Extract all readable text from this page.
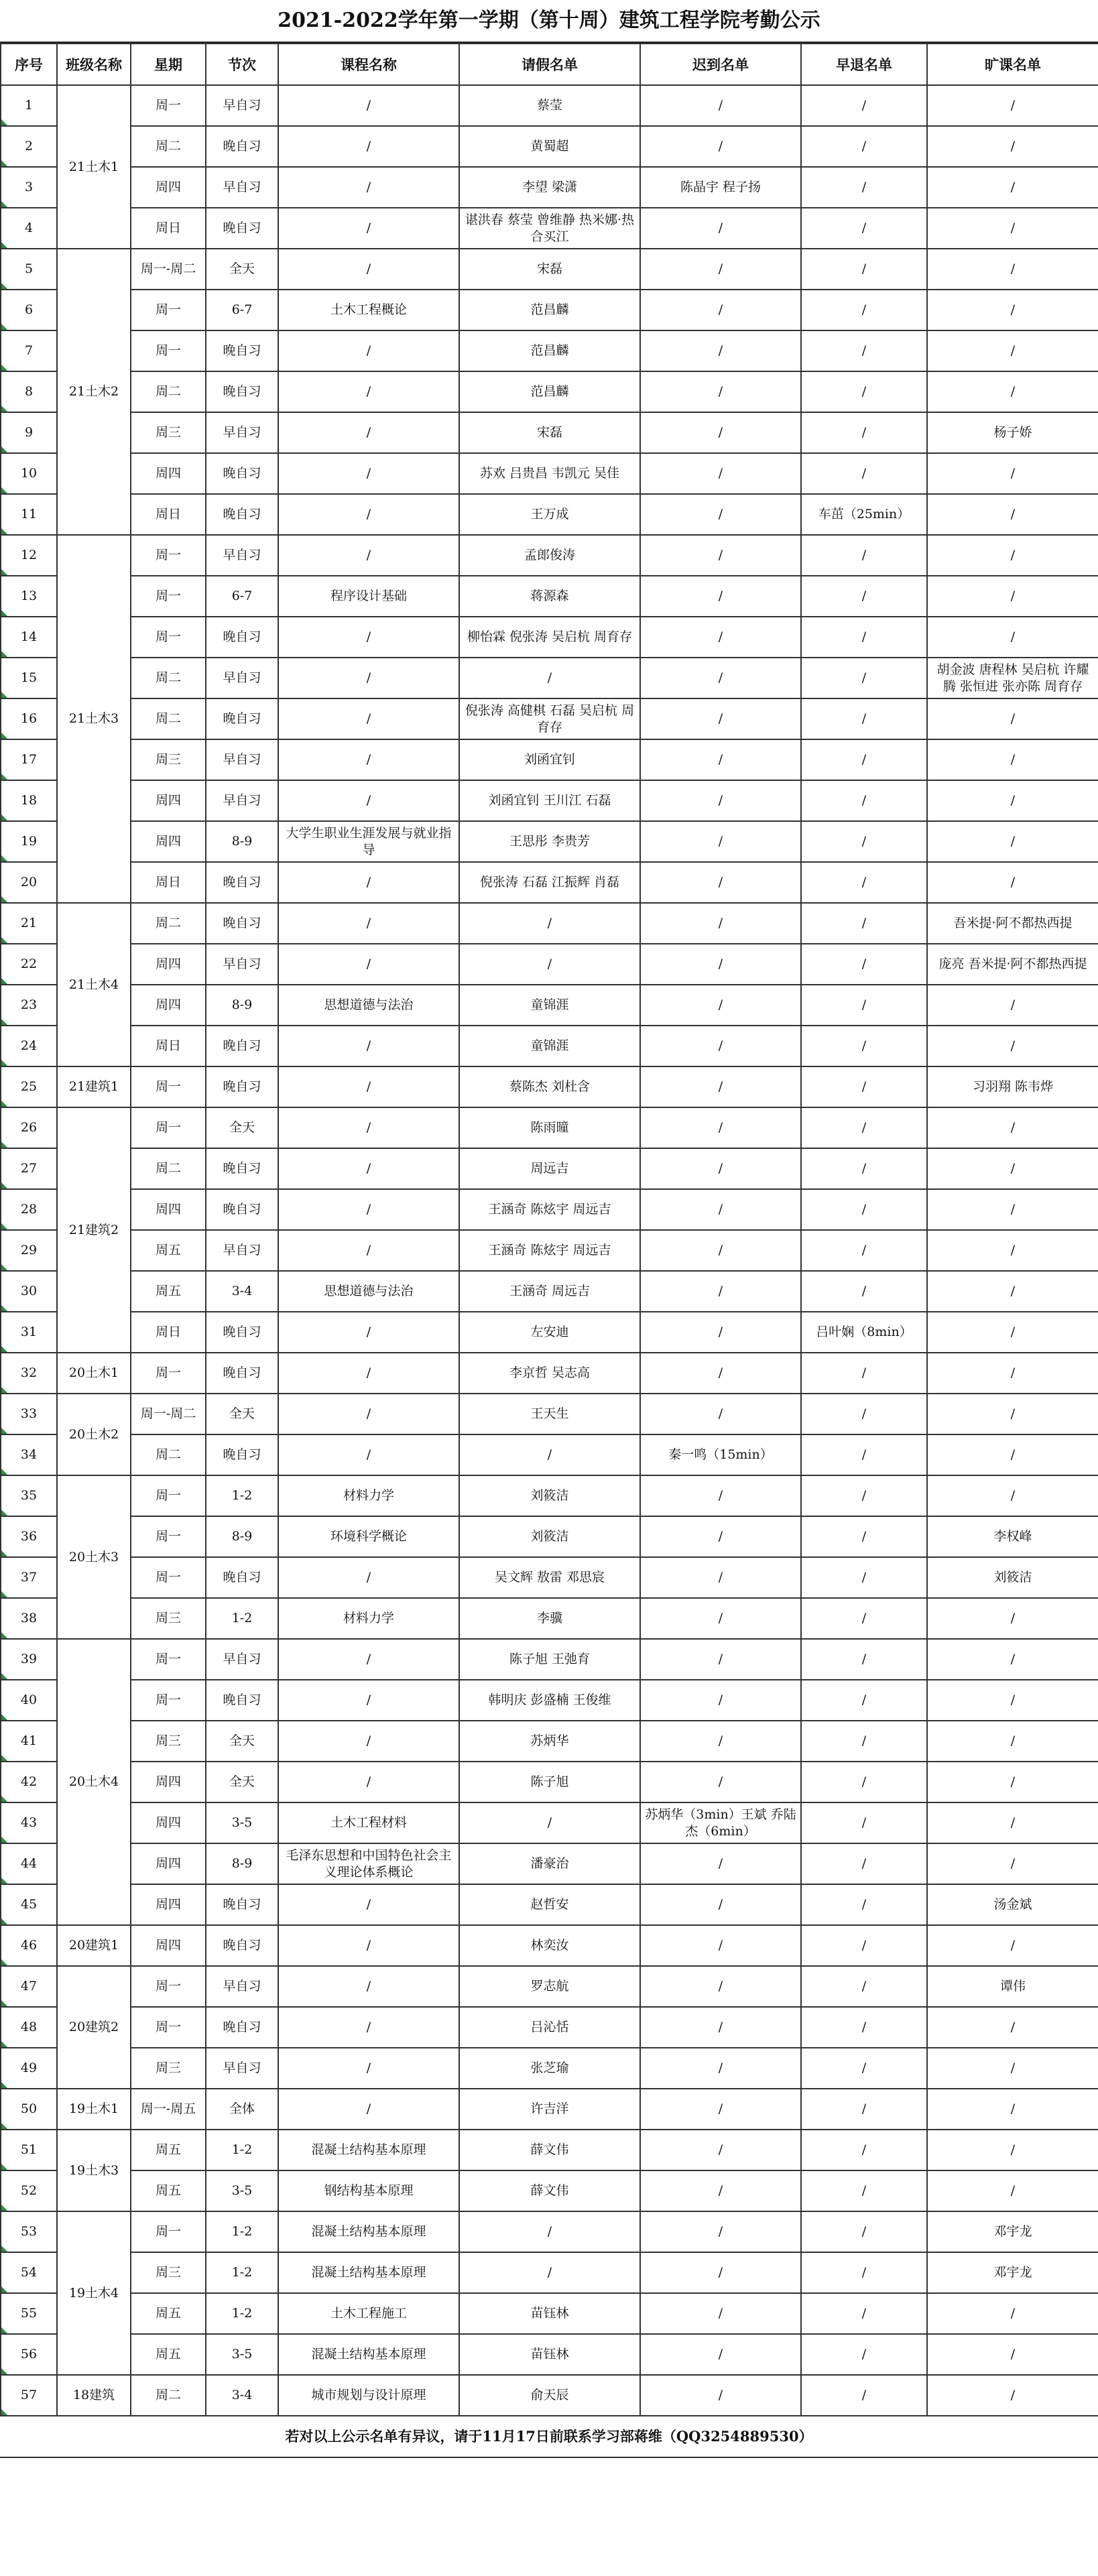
2021-2022学年第一学期（第十周）建筑工程学院考勤公示
序号	班级名称	星期	节次	课程名称	请假名单	迟到名单	早退名单	旷课名单
1	21土木1	周一	早自习	/	蔡莹	/	/	/
2		周二	晚自习	/	黄蜀超	/	/	/
3		周四	早自习	/	李望 梁潇	陈晶宇 程子扬	/	/
4		周日	晚自习	/	谌洪春 蔡莹 曾维静 热米娜·热合买江	/	/	/
5	21土木2	周一-周二	全天	/	宋磊	/	/	/
6		周一	6-7	土木工程概论	范昌麟	/	/	/
7		周一	晚自习	/	范昌麟	/	/	/
8		周二	晚自习	/	范昌麟	/	/	/
9		周三	早自习	/	宋磊	/	/	杨子娇
10		周四	晚自习	/	苏欢 吕贵昌 韦凯元 吴佳	/	/	/
11		周日	晚自习	/	王万成	/	车茁（25min）	/
12	21土木3	周一	早自习	/	孟郎俊涛	/	/	/
13		周一	6-7	程序设计基础	蒋源森	/	/	/
14		周一	晚自习	/	柳怡霖 倪张涛 吴启杭 周育存	/	/	/
15		周二	早自习	/	/	/	/	胡金波 唐程林 吴启杭 许耀腾 张恒进 张亦陈 周育存
16		周二	晚自习	/	倪张涛 高健棋 石磊 吴启杭 周育存	/	/	/
17		周三	早自习	/	刘函宜钊	/	/	/
18		周四	早自习	/	刘函宜钊 王川江 石磊	/	/	/
19		周四	8-9	大学生职业生涯发展与就业指导	王思彤 李贵芳	/	/	/
20		周日	晚自习	/	倪张涛 石磊 江振辉 肖磊	/	/	/
21	21土木4	周二	晚自习	/	/	/	/	吾米提·阿不都热西提
22		周四	早自习	/	/	/	/	庞亮 吾米提·阿不都热西提
23		周四	8-9	思想道德与法治	童锦涯	/	/	/
24		周日	晚自习	/	童锦涯	/	/	/
25	21建筑1	周一	晚自习	/	蔡陈杰 刘杜含	/	/	习羽翔 陈韦烨
26	21建筑2	周一	全天	/	陈雨曈	/	/	/
27		周二	晚自习	/	周远吉	/	/	/
28		周四	晚自习	/	王涵奇 陈炫宇 周远吉	/	/	/
29		周五	早自习	/	王涵奇 陈炫宇 周远吉	/	/	/
30		周五	3-4	思想道德与法治	王涵奇 周远吉	/	/	/
31		周日	晚自习	/	左安迪	/	吕叶娴（8min）	/
32	20土木1	周一	晚自习	/	李京哲 吴志高	/	/	/
33	20土木2	周一-周二	全天	/	王天生	/	/	/
34		周二	晚自习	/	/	秦一鸣（15min）	/	/
35	20土木3	周一	1-2	材料力学	刘筱洁	/	/	/
36		周一	8-9	环境科学概论	刘筱洁	/	/	李权峰
37		周一	晚自习	/	吴文辉 敖雷 邓思宸	/	/	刘筱洁
38		周三	1-2	材料力学	李骥	/	/	/
39	20土木4	周一	早自习	/	陈子旭 王弛育	/	/	/
40		周一	晚自习	/	韩明庆 彭盛楠 王俊维	/	/	/
41		周三	全天	/	苏炳华	/	/	/
42		周四	全天	/	陈子旭	/	/	/
43		周四	3-5	土木工程材料	/	苏炳华（3min）王斌 乔陆杰（6min）	/	/
44		周四	8-9	毛泽东思想和中国特色社会主义理论体系概论	潘豪治	/	/	/
45		周四	晚自习	/	赵哲安	/	/	汤金斌
46	20建筑1	周四	晚自习	/	林奕汝	/	/	/
47	20建筑2	周一	早自习	/	罗志航	/	/	谭伟
48		周一	晚自习	/	吕沁恬	/	/	/
49		周三	早自习	/	张芝瑜	/	/	/
50	19土木1	周一-周五	全体	/	许吉洋	/	/	/
51	19土木3	周五	1-2	混凝土结构基本原理	薛文伟	/	/	/
52		周五	3-5	钢结构基本原理	薛文伟	/	/	/
53	19土木4	周一	1-2	混凝土结构基本原理	/	/	/	邓宇龙
54		周三	1-2	混凝土结构基本原理	/	/	/	邓宇龙
55		周五	1-2	土木工程施工	苗钰林	/	/	/
56		周五	3-5	混凝土结构基本原理	苗钰林	/	/	/
57	18建筑	周二	3-4	城市规划与设计原理	俞天辰	/	/	/
若对以上公示名单有异议，请于11月17日前联系学习部蒋维（QQ3254889530）
